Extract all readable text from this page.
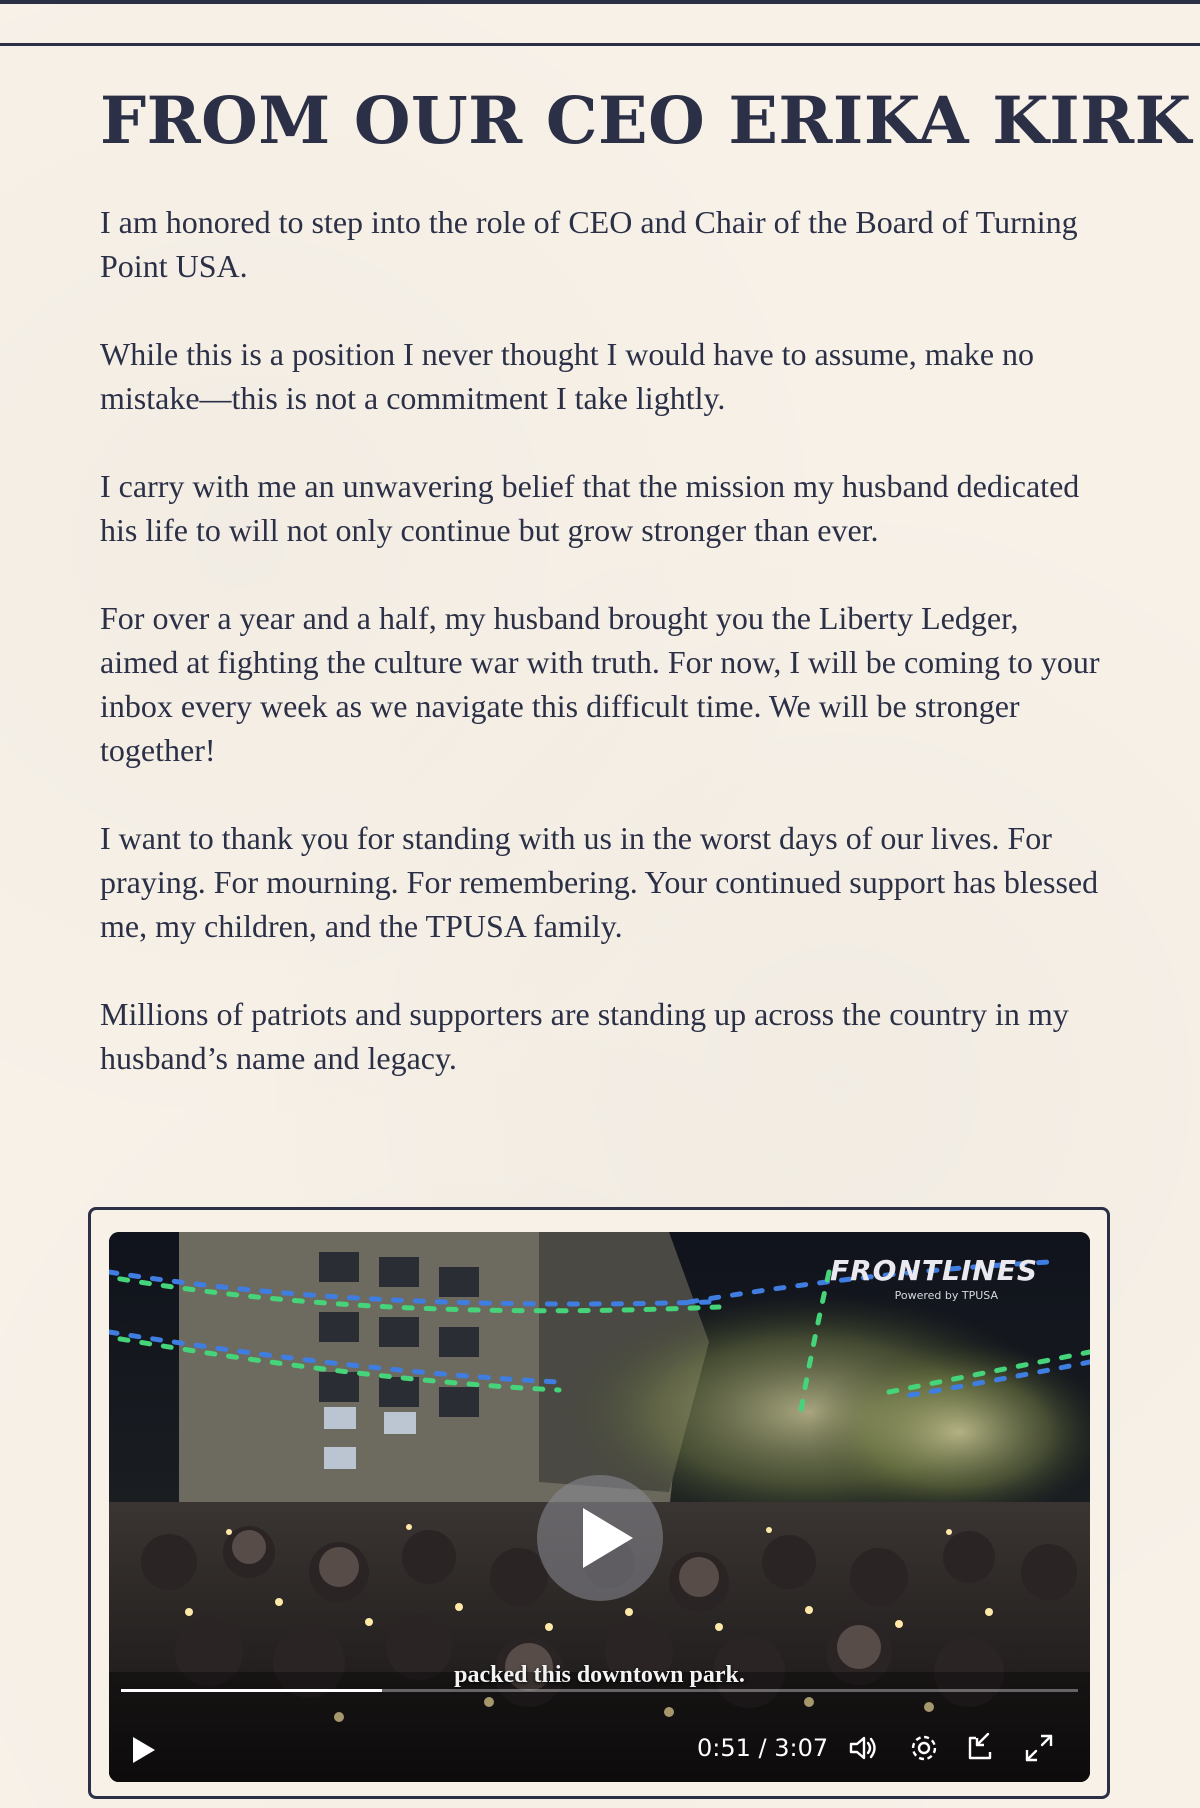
FROM OUR CEO ERIKA KIRK

I am honored to step into the role of CEO and Chair of the Board of Turning Point USA.

While this is a position I never thought I would have to assume, make no mistake—this is not a commitment I take lightly.

I carry with me an unwavering belief that the mission my husband dedicated his life to will not only continue but grow stronger than ever.

For over a year and a half, my husband brought you the Liberty Ledger, aimed at fighting the culture war with truth. For now, I will be coming to your inbox every week as we navigate this difficult time. We will be stronger together!

I want to thank you for standing with us in the worst days of our lives. For praying. For mourning. For remembering. Your continued support has blessed me, my children, and the TPUSA family.

Millions of patriots and supporters are standing up across the country in my husband’s name and legacy.

FRONTLINES
Powered by TPUSA
packed this downtown park.
0:51 / 3:07
